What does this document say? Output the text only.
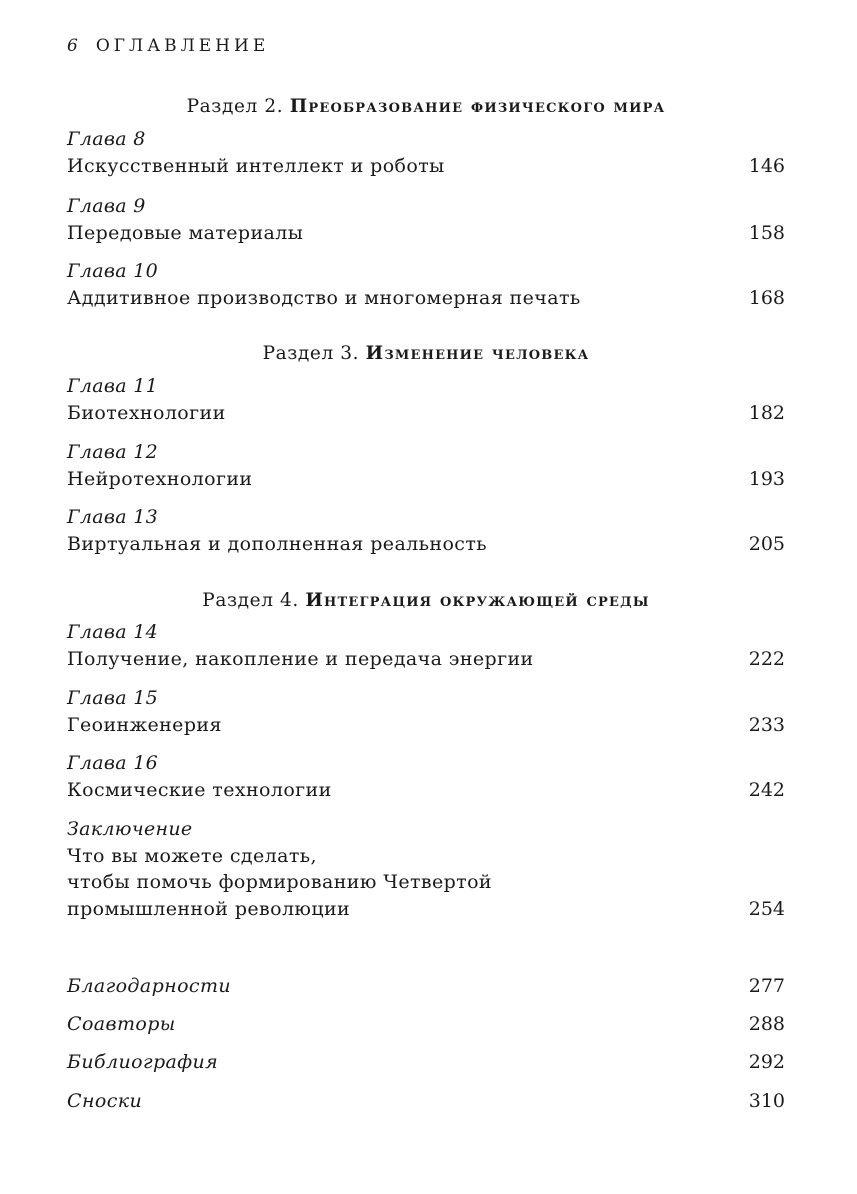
6 ОГЛАВЛЕНИЕ
Раздел 2. Преобразование физического мира
Глава 8
Искусственный интеллект и роботы	146
Глава 9
Передовые материалы	158
Глава 10
Аддитивное производство и многомерная печать	168
Раздел 3. Изменение человека
Глава 11
Биотехнологии	182
Глава 12
Нейротехнологии	193
Глава 13
Виртуальная и дополненная реальность	205
Раздел 4. Интеграция окружающей среды
Глава 14
Получение, накопление и передача энергии	222
Глава 15
Геоинженерия	233
Глава 16
Космические технологии	242
Заключение
Что вы можете сделать,
чтобы помочь формированию Четвертой
промышленной революции	254
Благодарности	277
Соавторы	288
Библиография	292
Сноски	310
